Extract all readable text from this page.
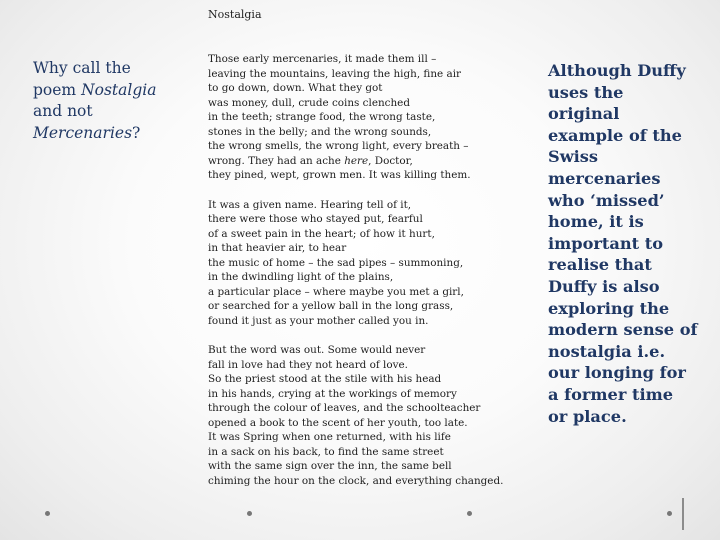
Nostalgia
Why call the poem Nostalgia and not Mercenaries?
Those early mercenaries, it made them ill –
leaving the mountains, leaving the high, fine air
to go down, down. What they got
was money, dull, crude coins clenched
in the teeth; strange food, the wrong taste,
stones in the belly; and the wrong sounds,
the wrong smells, the wrong light, every breath –
wrong. They had an ache here, Doctor,
they pined, wept, grown men. It was killing them.
It was a given name. Hearing tell of it,
there were those who stayed put, fearful
of a sweet pain in the heart; of how it hurt,
in that heavier air, to hear
the music of home – the sad pipes – summoning,
in the dwindling light of the plains,
a particular place – where maybe you met a girl,
or searched for a yellow ball in the long grass,
found it just as your mother called you in.
But the word was out. Some would never
fall in love had they not heard of love.
So the priest stood at the stile with his head
in his hands, crying at the workings of memory
through the colour of leaves, and the schoolteacher
opened a book to the scent of her youth, too late.
It was Spring when one returned, with his life
in a sack on his back, to find the same street
with the same sign over the inn, the same bell
chiming the hour on the clock, and everything changed.
Although Duffy uses the original example of the Swiss mercenaries who ‘missed’ home, it is important to realise that Duffy is also exploring the modern sense of nostalgia i.e. our longing for a former time or place.
